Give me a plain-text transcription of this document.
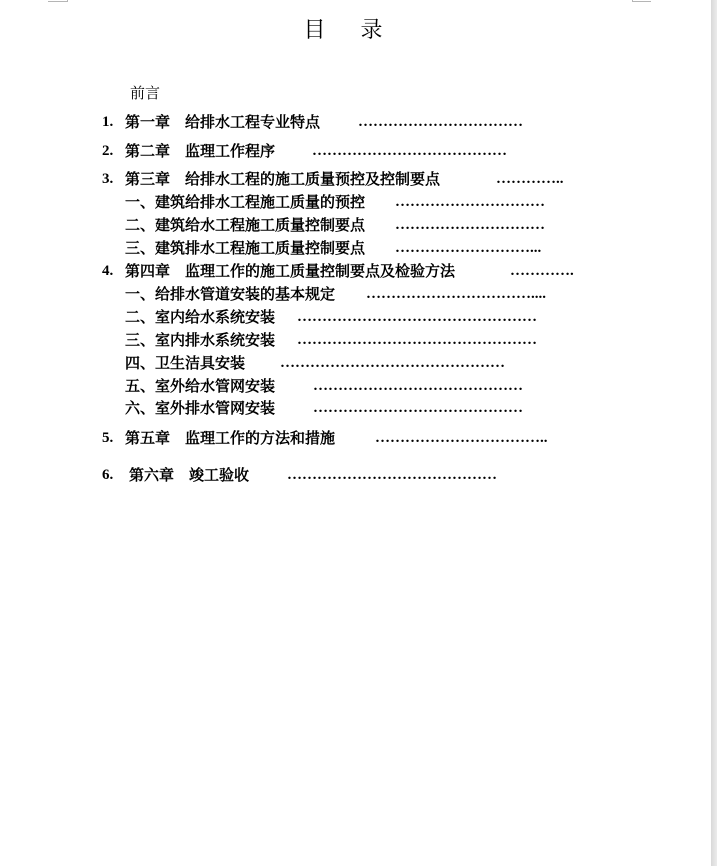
目 录
前言
1. 第一章　给排水工程专业特点	……………………………
2. 第二章　监理工作程序 …………………………………
3. 第三章　给排水工程的施工质量预控及控制要点	…………..
一、建筑给排水工程施工质量的预控 …………………………
二、建筑给水工程施工质量控制要点 …………………………
三、建筑排水工程施工质量控制要点 ………………………...
4. 第四章　监理工作的施工质量控制要点及检验方法	………….
一、给排水管道安装的基本规定 ……………………………....
二、室内给水系统安装 …………………………………………
三、室内排水系统安装 …………………………………………
四、卫生洁具安装 ………………………………………
五、室外给水管网安装	……………………………………
六、室外排水管网安装	……………………………………
5. 第五章　监理工作的方法和措施	……………………………..
6. 第六章　竣工验收	……………………………………
